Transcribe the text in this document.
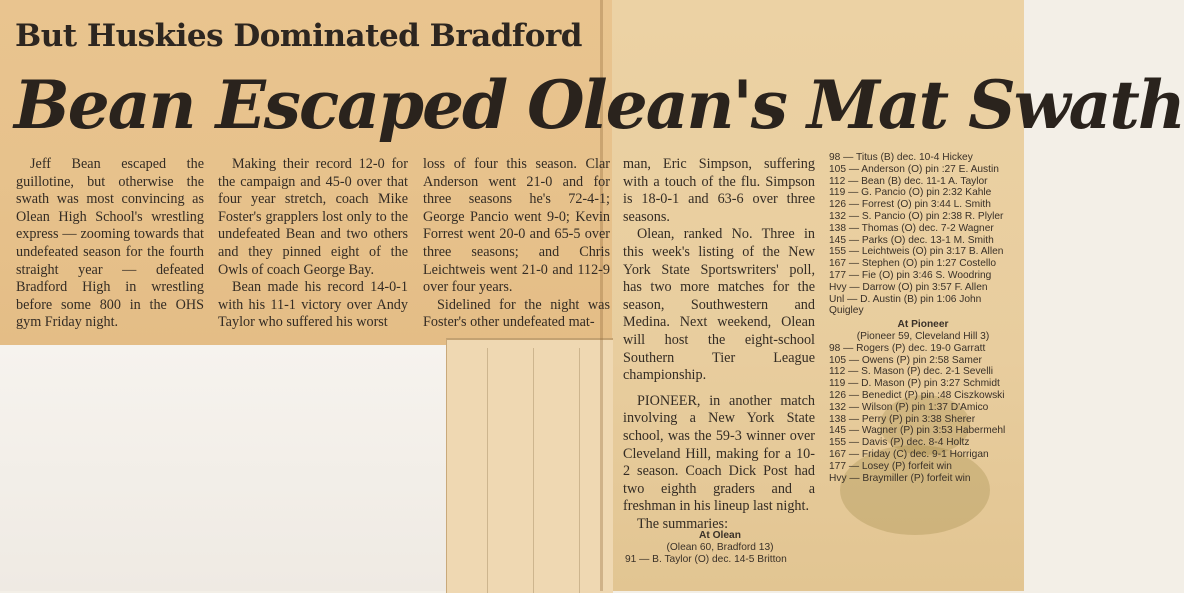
But Huskies Dominated Bradford
Bean Escaped Olean's Mat Swath

Jeff Bean escaped the guillotine, but otherwise the swath was most convincing as Olean High School's wrestling express — zooming towards that undefeated season for the fourth straight year — defeated Bradford High in wrestling before some 800 in the OHS gym Friday night.

Making their record 12-0 for the campaign and 45-0 over that four year stretch, coach Mike Foster's grapplers lost only to the undefeated Bean and two others and they pinned eight of the Owls of coach George Bay.

Bean made his record 14-0-1 with his 11-1 victory over Andy Taylor who suffered his worst

loss of four this season. Clar Anderson went 21-0 and for three seasons he's 72-4-1; George Pancio went 9-0; Kevin Forrest went 20-0 and 65-5 over three seasons; and Chris Leichtweis went 21-0 and 112-9 over four years.

Sidelined for the night was Foster's other undefeated mat-

man, Eric Simpson, suffering with a touch of the flu. Simpson is 18-0-1 and 63-6 over three seasons.

Olean, ranked No. Three in this week's listing of the New York State Sportswriters' poll, has two more matches for the season, Southwestern and Medina. Next weekend, Olean will host the eight-school Southern Tier League championship.

PIONEER, in another match involving a New York State school, was the 59-3 winner over Cleveland Hill, making for a 10-2 season. Coach Dick Post had two eighth graders and a freshman in his lineup last night.

The summaries:

At Olean
(Olean 60, Bradford 13)
91 — B. Taylor (O) dec. 14-5 Britton
98 — Titus (B) dec. 10-4 Hickey
105 — Anderson (O) pin :27 E. Austin
112 — Bean (B) dec. 11-1 A. Taylor
119 — G. Pancio (O) pin 2:32 Kahle
126 — Forrest (O) pin 3:44 L. Smith
132 — S. Pancio (O) pin 2:38 R. Plyler
138 — Thomas (O) dec. 7-2 Wagner
145 — Parks (O) dec. 13-1 M. Smith
155 — Leichtweis (O) pin 3:17 B. Allen
167 — Stephen (O) pin 1:27 Costello
177 — Fie (O) pin 3:46 S. Woodring
Hvy — Darrow (O) pin 3:57 F. Allen
Unl — D. Austin (B) pin 1:06 John Quigley
At Pioneer
(Pioneer 59, Cleveland Hill 3)
98 — Rogers (P) dec. 19-0 Garratt
105 — Owens (P) pin 2:58 Samer
112 — S. Mason (P) dec. 2-1 Sevelli
119 — D. Mason (P) pin 3:27 Schmidt
126 — Benedict (P) pin :48 Ciszkowski
132 — Wilson (P) pin 1:37 D'Amico
138 — Perry (P) pin 3:38 Sherer
145 — Wagner (P) pin 3:53 Habermehl
155 — Davis (P) dec. 8-4 Holtz
167 — Friday (C) dec. 9-1 Horrigan
177 — Losey (P) forfeit win
Hvy — Braymiller (P) forfeit win
